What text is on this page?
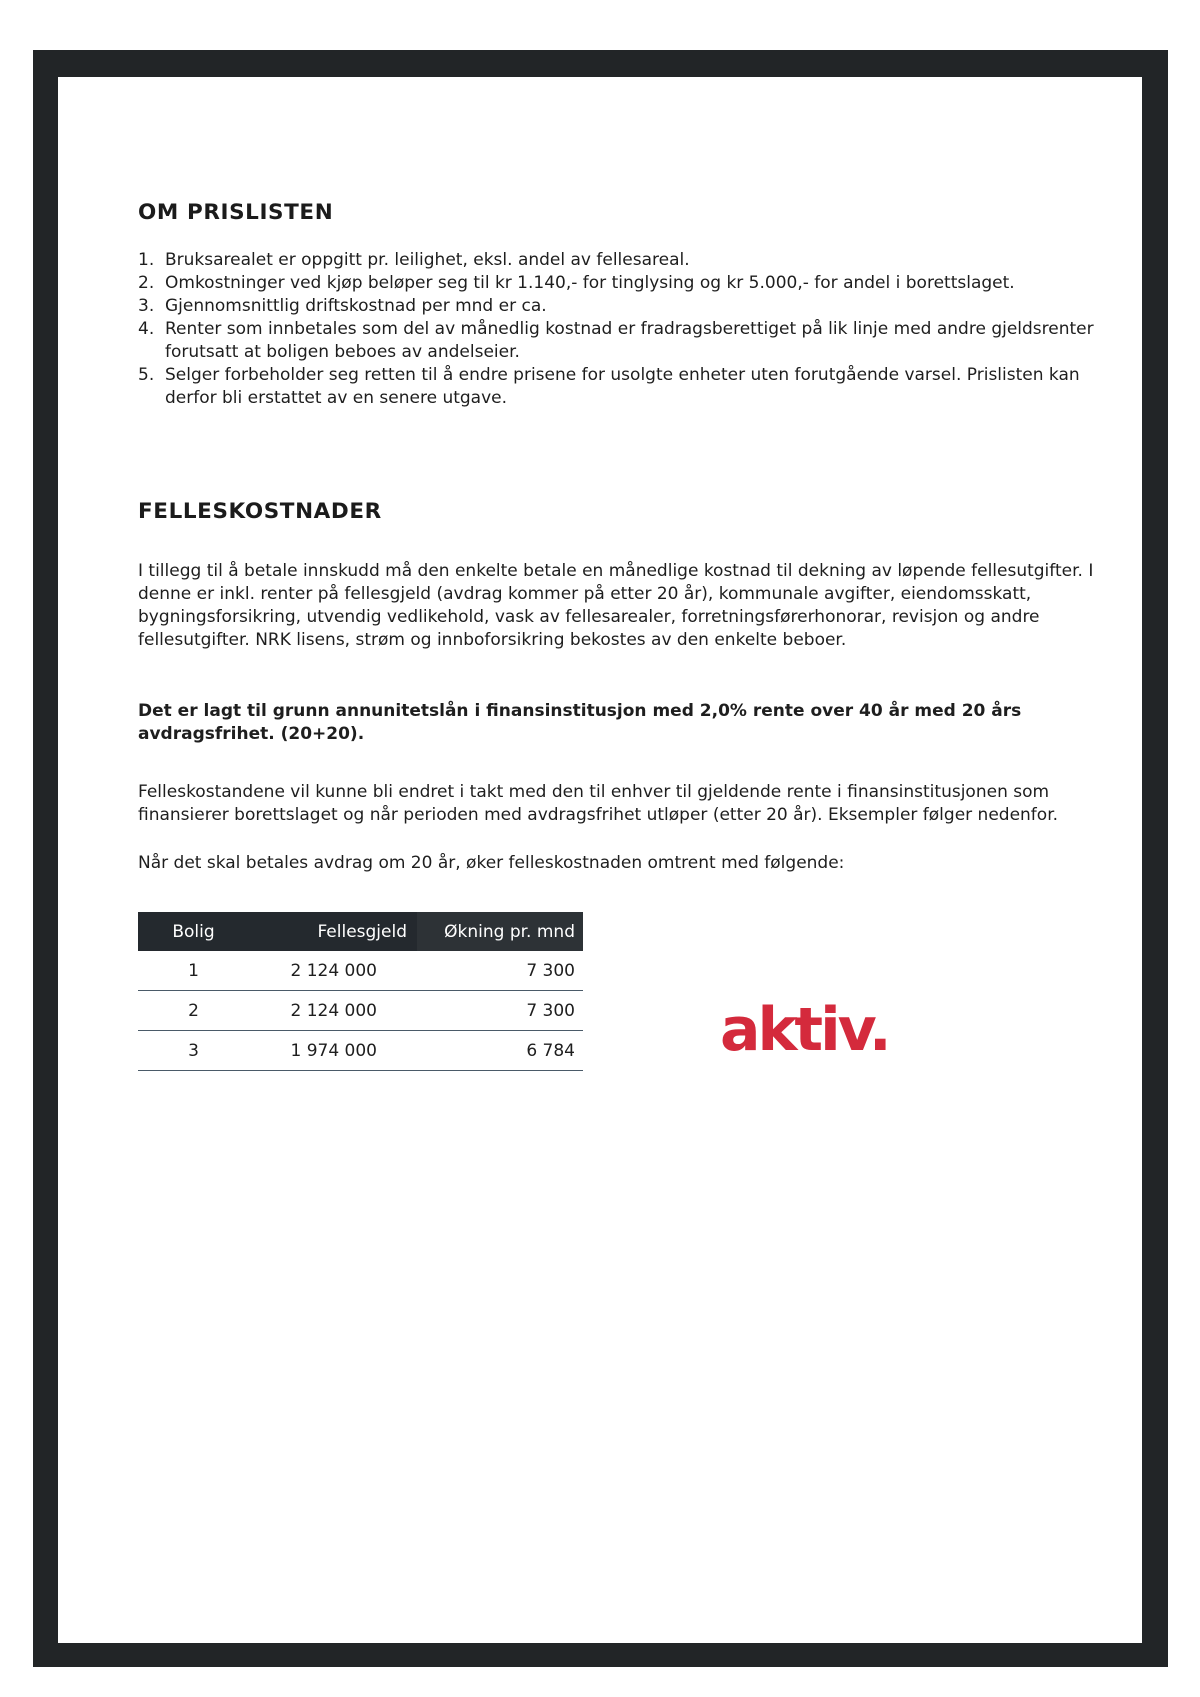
OM PRISLISTEN
1. Bruksarealet er oppgitt pr. leilighet, eksl. andel av fellesareal.
2. Omkostninger ved kjøp beløper seg til kr 1.140,- for tinglysing og kr 5.000,- for andel i borettslaget.
3. Gjennomsnittlig driftskostnad per mnd er ca.
4. Renter som innbetales som del av månedlig kostnad er fradragsberettiget på lik linje med andre gjeldsrenter forutsatt at boligen beboes av andelseier.
5. Selger forbeholder seg retten til å endre prisene for usolgte enheter uten forutgående varsel. Prislisten kan derfor bli erstattet av en senere utgave.
FELLESKOSTNADER

I tillegg til å betale innskudd må den enkelte betale en månedlige kostnad til dekning av løpende fellesutgifter. I denne er inkl. renter på fellesgjeld (avdrag kommer på etter 20 år), kommunale avgifter, eiendomsskatt, bygningsforsikring, utvendig vedlikehold, vask av fellesarealer, forretningsførerhonorar, revisjon og andre fellesutgifter. NRK lisens, strøm og innboforsikring bekostes av den enkelte beboer.

Det er lagt til grunn annunitetslån i finansinstitusjon med 2,0% rente over 40 år med 20 års avdragsfrihet. (20+20).

Felleskostandene vil kunne bli endret i takt med den til enhver til gjeldende rente i finansinstitusjonen som finansierer borettslaget og når perioden med avdragsfrihet utløper (etter 20 år). Eksempler følger nedenfor.

Når det skal betales avdrag om 20 år, øker felleskostnaden omtrent med følgende:

Bolig	Fellesgjeld	Økning pr. mnd
1	2 124 000	7 300
2	2 124 000	7 300
3	1 974 000	6 784 aktiv.
